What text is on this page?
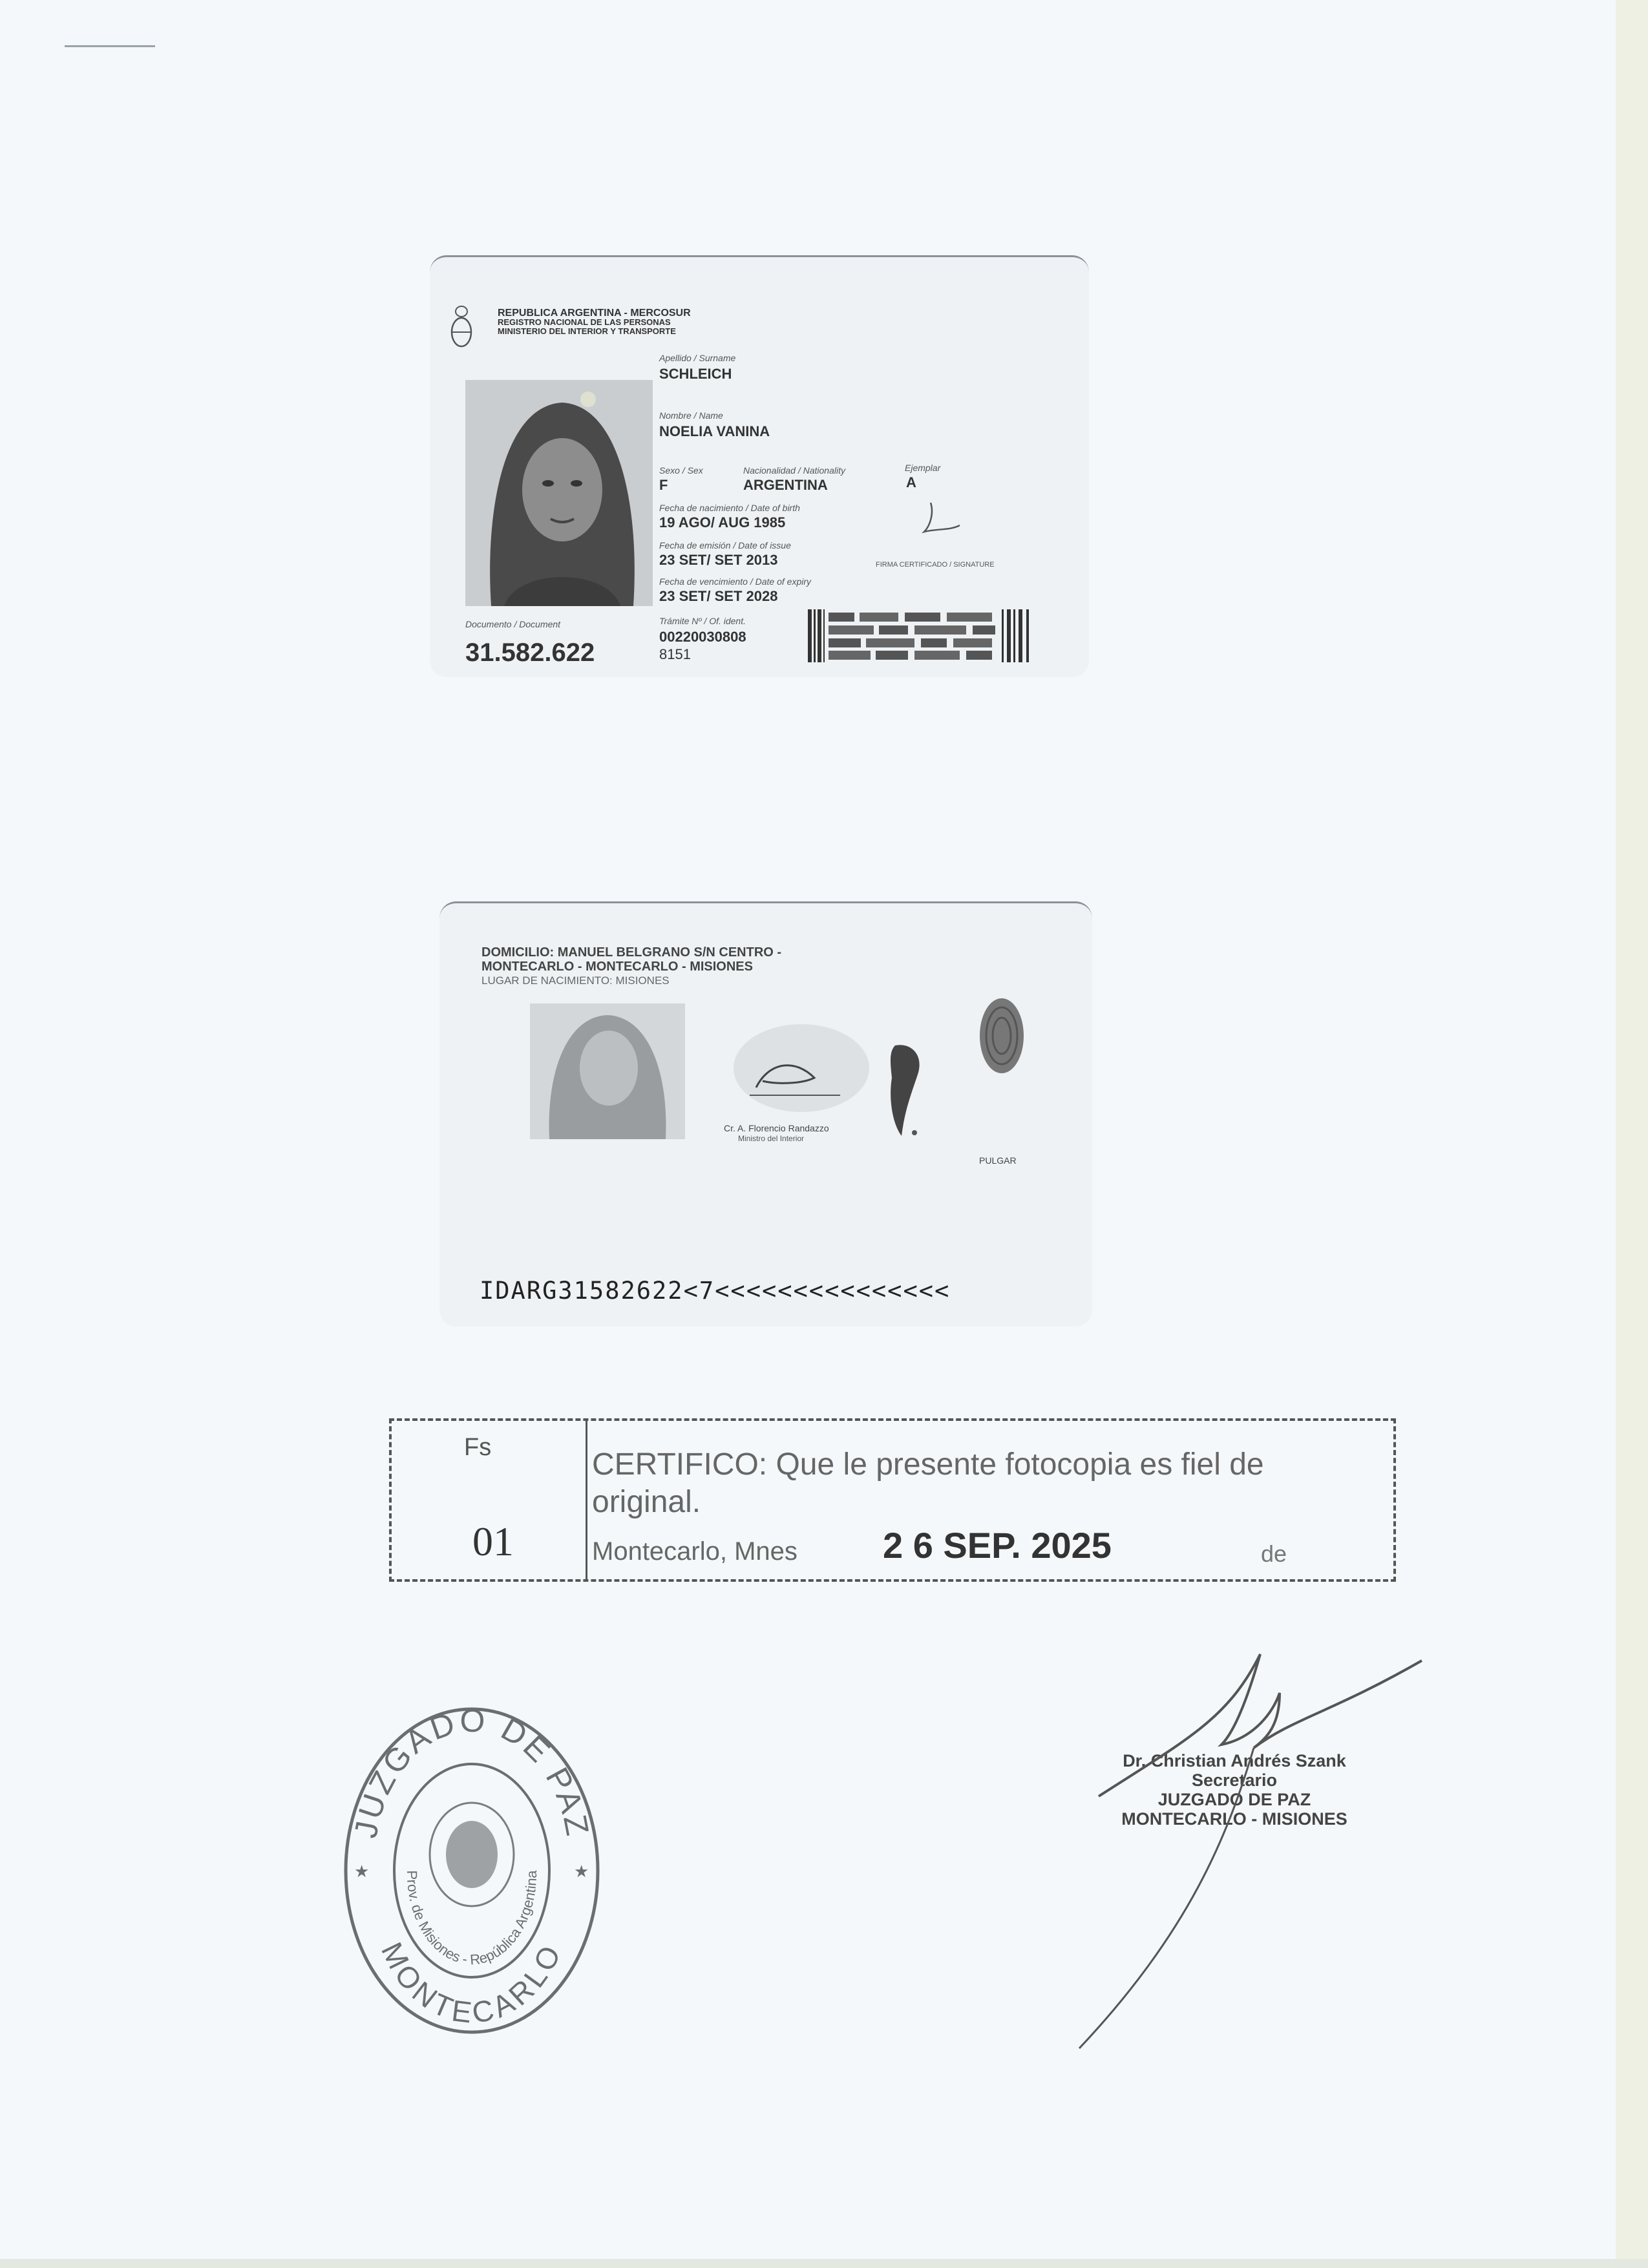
REPUBLICA ARGENTINA - MERCOSUR
REGISTRO NACIONAL DE LAS PERSONAS
MINISTERIO DEL INTERIOR Y TRANSPORTE
Apellido / Surname
SCHLEICH
Nombre / Name
NOELIA VANINA
Sexo / Sex
F
Nacionalidad / Nationality
ARGENTINA
Ejemplar
A
Fecha de nacimiento / Date of birth
19 AGO/ AUG 1985
Fecha de emisión / Date of issue
23 SET/ SET 2013
Fecha de vencimiento / Date of expiry
23 SET/ SET 2028
FIRMA CERTIFICADO / SIGNATURE
Documento / Document
31.582.622
Trámite Nº / Of. ident.
00220030808
8151
DOMICILIO: MANUEL BELGRANO S/N CENTRO -
MONTECARLO - MONTECARLO - MISIONES
LUGAR DE NACIMIENTO: MISIONES
Cr. A. Florencio Randazzo
Ministro del Interior
PULGAR

IDARG31582622<7<<<<<<<<<<<<<<<

Fs
01
CERTIFICO: Que le presente fotocopia es fiel de
original.
Montecarlo, Mnes 2 6 SEP. 2025	de
JUZGADO DE PAZ
MONTECARLO
Prov. de Misiones - República Argentina
★	★
Dr. Christian Andrés Szank
Secretario
JUZGADO DE PAZ
MONTECARLO - MISIONES
